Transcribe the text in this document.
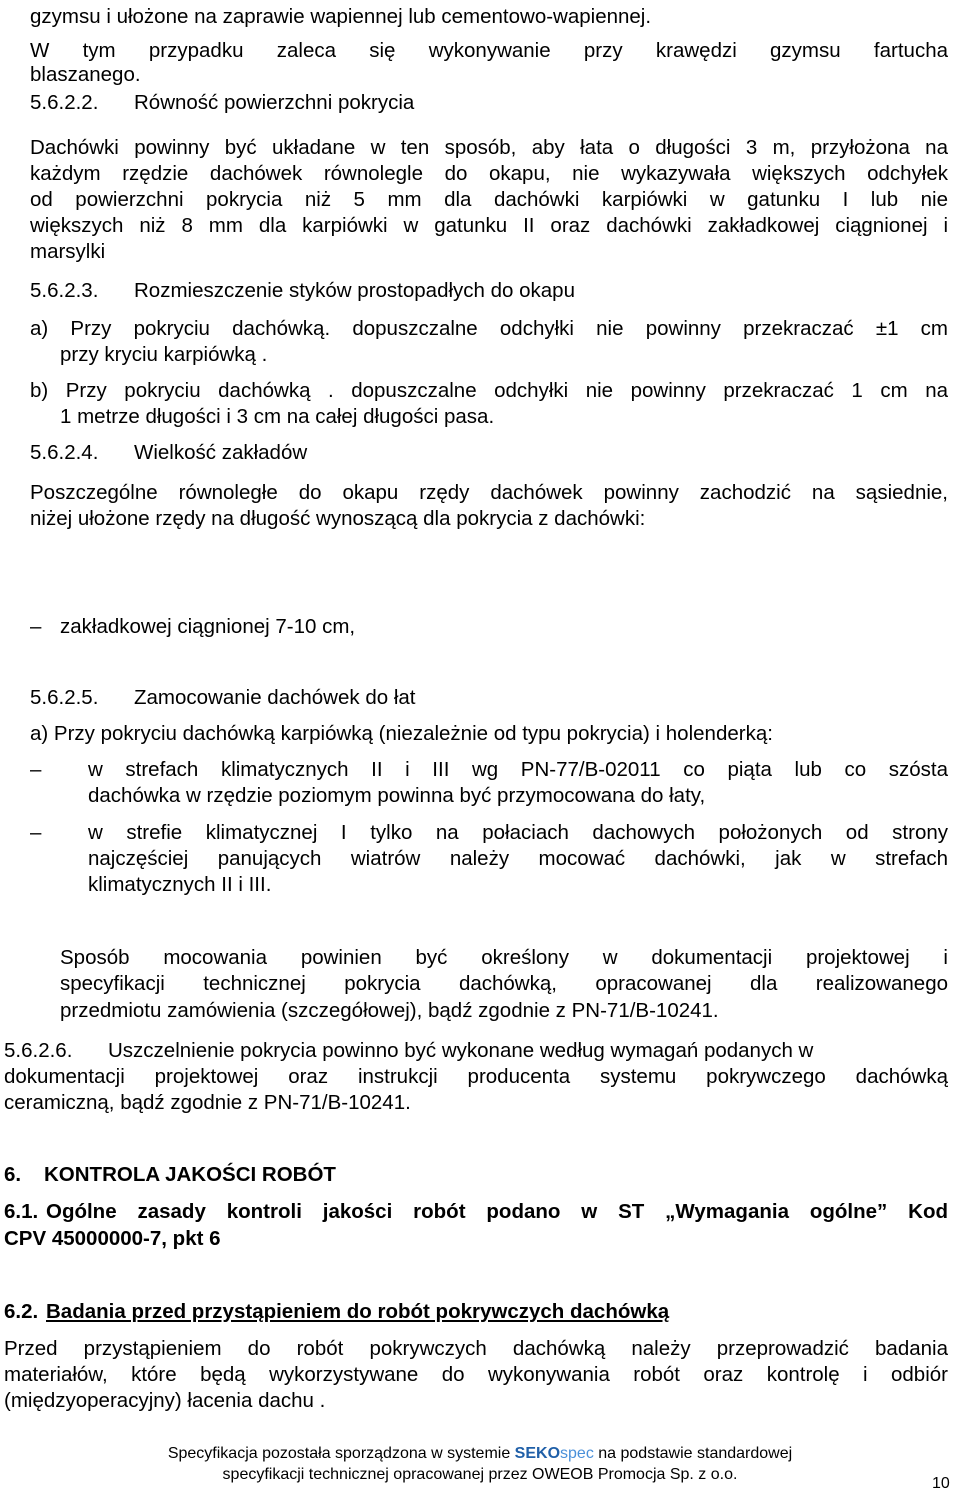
gzymsu i ułożone na zaprawie wapiennej lub cementowo-wapiennej.
W tym przypadku zaleca się wykonywanie przy krawędzi gzymsu fartucha
blaszanego.
5.6.2.2. Równość powierzchni pokrycia
Dachówki powinny być układane w ten sposób, aby łata o długości 3 m, przyłożona na
każdym rzędzie dachówek równolegle do okapu, nie wykazywała większych odchyłek
od powierzchni pokrycia niż 5 mm dla dachówki karpiówki w gatunku I lub nie
większych niż 8 mm dla karpiówki w gatunku II oraz dachówki zakładkowej ciągnionej i
marsylki
5.6.2.3. Rozmieszczenie styków prostopadłych do okapu
a) Przy pokryciu dachówką. dopuszczalne odchyłki nie powinny przekraczać ±1 cm
przy kryciu karpiówką .
b) Przy pokryciu dachówką . dopuszczalne odchyłki nie powinny przekraczać 1 cm na
1 metrze długości i 3 cm na całej długości pasa.
5.6.2.4. Wielkość zakładów
Poszczególne równoległe do okapu rzędy dachówek powinny zachodzić na sąsiednie,
niżej ułożone rzędy na długość wynoszącą dla pokrycia z dachówki:
– zakładkowej ciągnionej 7-10 cm,
5.6.2.5. Zamocowanie dachówek do łat
a) Przy pokryciu dachówką karpiówką (niezależnie od typu pokrycia) i holenderką:
– w strefach klimatycznych II i III wg PN-77/B-02011 co piąta lub co szósta
dachówka w rzędzie poziomym powinna być przymocowana do łaty,
– w strefie klimatycznej I tylko na połaciach dachowych położonych od strony
najczęściej panujących wiatrów należy mocować dachówki, jak w strefach
klimatycznych II i III.
Sposób mocowania powinien być określony w dokumentacji projektowej i
specyfikacji technicznej pokrycia dachówką, opracowanej dla realizowanego
przedmiotu zamówienia (szczegółowej), bądź zgodnie z PN-71/B-10241.
5.6.2.6. Uszczelnienie pokrycia powinno być wykonane według wymagań podanych w
dokumentacji projektowej oraz instrukcji producenta systemu pokrywczego dachówką
ceramiczną, bądź zgodnie z PN-71/B-10241.
6. KONTROLA JAKOŚCI ROBÓT
6.1. Ogólne zasady kontroli jakości robót podano w ST „Wymagania ogólne” Kod
CPV 45000000-7, pkt 6
6.2. Badania przed przystąpieniem do robót pokrywczych dachówką
Przed przystąpieniem do robót pokrywczych dachówką należy przeprowadzić badania
materiałów, które będą wykorzystywane do wykonywania robót oraz kontrolę i odbiór
(międzyoperacyjny) łacenia dachu .
Specyfikacja pozostała sporządzona w systemie SEKOspec na podstawie standardowej
specyfikacji technicznej opracowanej przez OWEOB Promocja Sp. z o.o.
10
